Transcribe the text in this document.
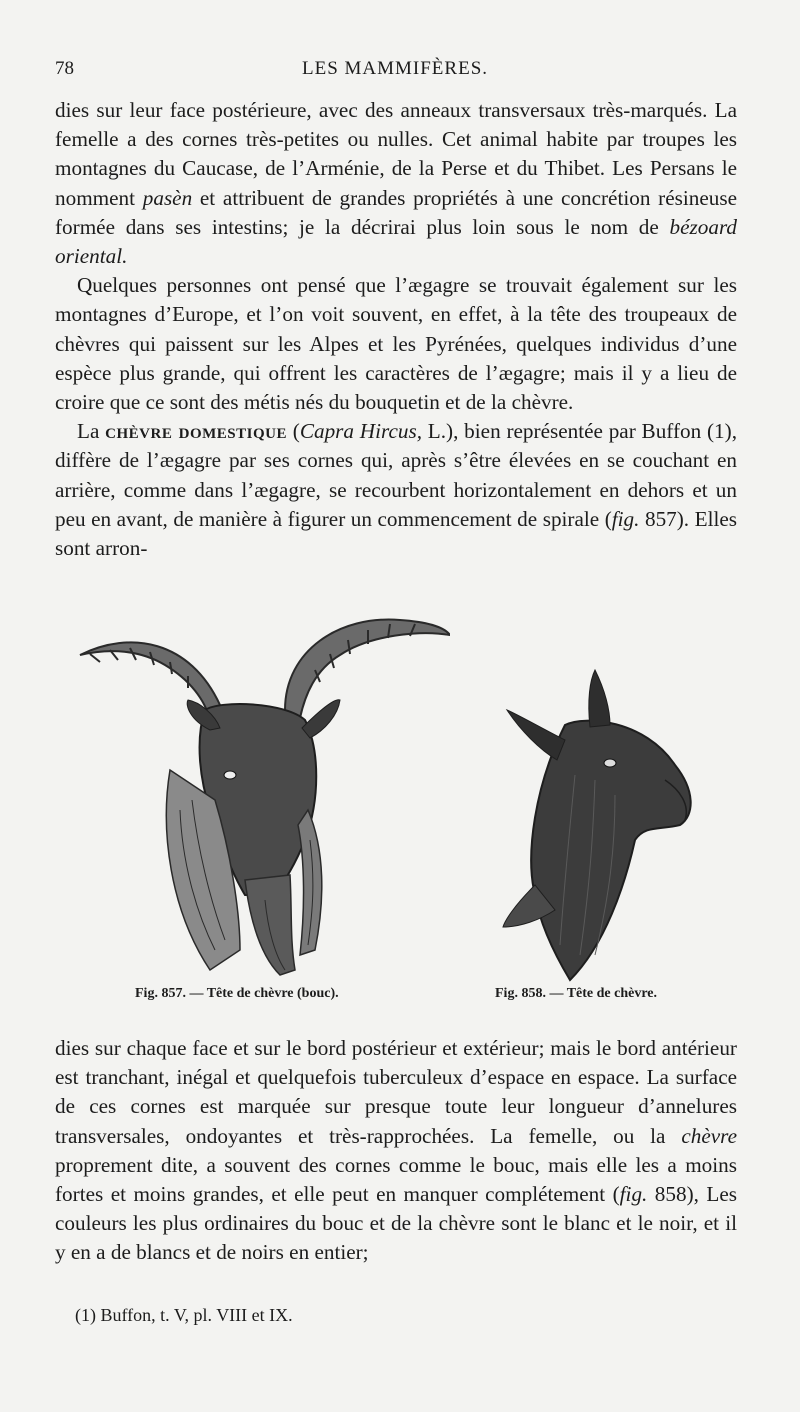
78	LES MAMMIFÈRES.

dies sur leur face postérieure, avec des anneaux transversaux très-marqués. La femelle a des cornes très-petites ou nulles. Cet animal habite par troupes les montagnes du Caucase, de l’Arménie, de la Perse et du Thibet. Les Persans le nomment pasèn et attribuent de grandes propriétés à une concrétion résineuse formée dans ses intestins; je la décrirai plus loin sous le nom de bézoard oriental.

Quelques personnes ont pensé que l’ægagre se trouvait également sur les montagnes d’Europe, et l’on voit souvent, en effet, à la tête des troupeaux de chèvres qui paissent sur les Alpes et les Pyrénées, quelques individus d’une espèce plus grande, qui offrent les caractères de l’ægagre; mais il y a lieu de croire que ce sont des métis nés du bouquetin et de la chèvre.

La chèvre domestique (Capra Hircus, L.), bien représentée par Buffon (1), diffère de l’ægagre par ses cornes qui, après s’être élevées en se couchant en arrière, comme dans l’ægagre, se recourbent horizontalement en dehors et un peu en avant, de manière à figurer un commencement de spirale (fig. 857). Elles sont arron-

Fig. 857. — Tête de chèvre (bouc).	Fig. 858. — Tête de chèvre.

dies sur chaque face et sur le bord postérieur et extérieur; mais le bord antérieur est tranchant, inégal et quelquefois tuberculeux d’espace en espace. La surface de ces cornes est marquée sur presque toute leur longueur d’annelures transversales, ondoyantes et très-rapprochées. La femelle, ou la chèvre proprement dite, a souvent des cornes comme le bouc, mais elle les a moins fortes et moins grandes, et elle peut en manquer complétement (fig. 858), Les couleurs les plus ordinaires du bouc et de la chèvre sont le blanc et le noir, et il y en a de blancs et de noirs en entier;

(1) Buffon, t. V, pl. VIII et IX.
